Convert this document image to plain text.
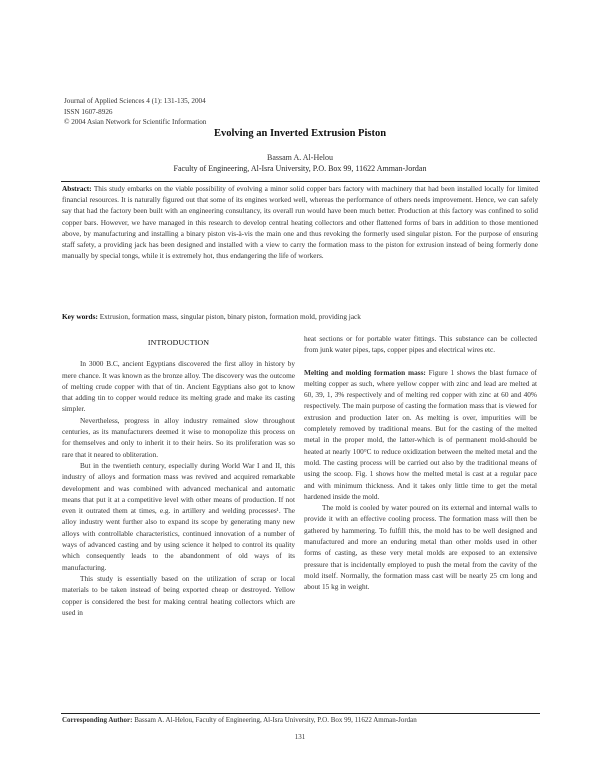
Journal of Applied Sciences 4 (1): 131-135, 2004
ISSN 1607-8926
© 2004 Asian Network for Scientific Information
Evolving an Inverted Extrusion Piston
Bassam A. Al-Helou
Faculty of Engineering, Al-Isra University, P.O. Box 99, 11622 Amman-Jordan
Abstract: This study embarks on the viable possibility of evolving a minor solid copper bars factory with machinery that had been installed locally for limited financial resources. It is naturally figured out that some of its engines worked well, whereas the performance of others needs improvement. Hence, we can safely say that had the factory been built with an engineering consultancy, its overall run would have been much better. Production at this factory was confined to solid copper bars. However, we have managed in this research to develop central heating collectors and other flattened forms of bars in addition to those mentioned above, by manufacturing and installing a binary piston vis-à-vis the main one and thus revoking the formerly used singular piston. For the purpose of ensuring staff safety, a providing jack has been designed and installed with a view to carry the formation mass to the piston for extrusion instead of being formerly done manually by special tongs, while it is extremely hot, thus endangering the life of workers.
Key words: Extrusion, formation mass, singular piston, binary piston, formation mold, providing jack
INTRODUCTION

In 3000 B.C, ancient Egyptians discovered the first alloy in history by mere chance. It was known as the bronze alloy. The discovery was the outcome of melting crude copper with that of tin. Ancient Egyptians also got to know that adding tin to copper would reduce its melting grade and make its casting simpler.

Nevertheless, progress in alloy industry remained slow throughout centuries, as its manufacturers deemed it wise to monopolize this process on for themselves and only to inherit it to their heirs. So its proliferation was so rare that it neared to obliteration.

But in the twentieth century, especially during World War I and II, this industry of alloys and formation mass was revived and acquired remarkable development and was combined with advanced mechanical and automatic means that put it at a competitive level with other means of production. If not even it outrated them at times, e.g. in artillery and welding processes¹. The alloy industry went further also to expand its scope by generating many new alloys with controllable characteristics, continued innovation of a number of ways of advanced casting and by using science it helped to control its quality which consequently leads to the abandonment of old ways of its manufacturing.

This study is essentially based on the utilization of scrap or local materials to be taken instead of being exported cheap or destroyed. Yellow copper is considered the best for making central heating collectors which are used in

heat sections or for portable water fittings. This substance can be collected from junk water pipes, taps, copper pipes and electrical wires etc.

Melting and molding formation mass: Figure 1 shows the blast furnace of melting copper as such, where yellow copper with zinc and lead are melted at 60, 39, 1, 3% respectively and of melting red copper with zinc at 60 and 40% respectively. The main purpose of casting the formation mass that is viewed for extrusion and production later on. As melting is over, impurities will be completely removed by traditional means. But for the casting of the melted metal in the proper mold, the latter-which is of permanent mold-should be heated at nearly 100°C to reduce oxidization between the melted metal and the mold. The casting process will be carried out also by the traditional means of using the scoop. Fig. 1 shows how the melted metal is cast at a regular pace and with minimum thickness. And it takes only little time to get the metal hardened inside the mold.

The mold is cooled by water poured on its external and internal walls to provide it with an effective cooling process. The formation mass will then be gathered by hammering. To fulfill this, the mold has to be well designed and manufactured and more an enduring metal than other molds used in other forms of casting, as these very metal molds are exposed to an extensive pressure that is incidentally employed to push the metal from the cavity of the mold itself. Normally, the formation mass cast will be nearly 25 cm long and about 15 kg in weight.

Corresponding Author: Bassam A. Al-Helou, Faculty of Engineering, Al-Isra University, P.O. Box 99, 11622 Amman-Jordan
131
